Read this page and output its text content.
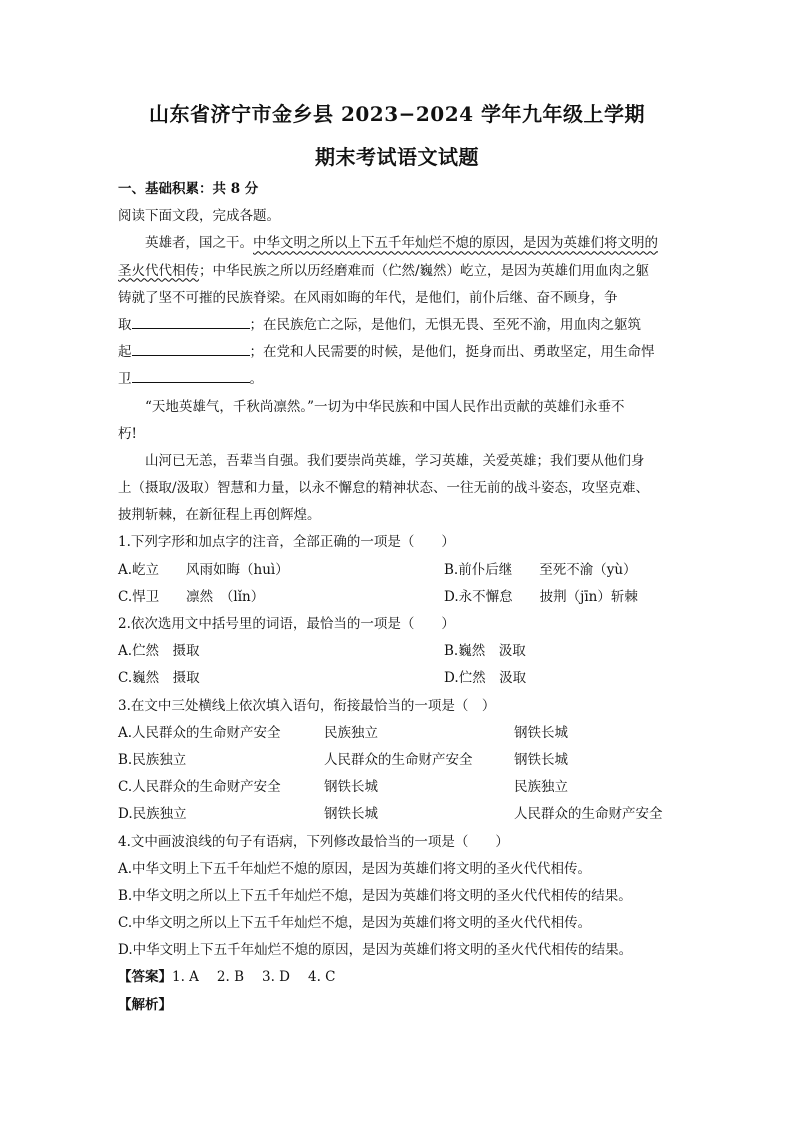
山东省济宁市金乡县 2023−2024 学年九年级上学期
期末考试语文试题
一、基础积累：共 8 分
阅读下面文段，完成各题。
英雄者，国之干。中华文明之所以上下五千年灿烂不熄的原因，是因为英雄们将文明的
圣火代代相传；中华民族之所以历经磨难而（伫然/巍然）屹立，是因为英雄们用血肉之躯
铸就了坚不可摧的民族脊梁。在风雨如晦的年代，是他们，前仆后继、奋不顾身，争
取	；在民族危亡之际，是他们，无惧无畏、至死不渝，用血肉之躯筑
起	；在党和人民需要的时候，是他们，挺身而出、勇敢坚定，用生命悍
卫	。
“天地英雄气，千秋尚凛然。”一切为中华民族和中国人民作出贡献的英雄们永垂不
朽!
山河已无恙，吾辈当自强。我们要崇尚英雄，学习英雄，关爱英雄；我们要从他们身
上（摄取/汲取）智慧和力量，以永不懈怠的精神状态、一往无前的战斗姿态，攻坚克难、
披荆斩棘，在新征程上再创辉煌。
1.下列字形和加点字的注音，全部正确的一项是（　　）
A.屹立　　风雨如晦（huì）	B.前仆后继　　至死不渝（yù）
C.悍卫　　凛然　（lǐn）	D.永不懈怠　　披荆（jīn）斩棘
2.依次选用文中括号里的词语，最恰当的一项是（　　）
A.伫然　摄取	B.巍然　汲取
C.巍然　摄取	D.伫然　汲取
3.在文中三处横线上依次填入语句，衔接最恰当的一项是（　）
A.人民群众的生命财产安全	民族独立	钢铁长城
B.民族独立	人民群众的生命财产安全	钢铁长城
C.人民群众的生命财产安全	钢铁长城	民族独立
D.民族独立	钢铁长城	人民群众的生命财产安全
4.文中画波浪线的句子有语病，下列修改最恰当的一项是（　　）
A.中华文明上下五千年灿烂不熄的原因，是因为英雄们将文明的圣火代代相传。
B.中华文明之所以上下五千年灿烂不熄，是因为英雄们将文明的圣火代代相传的结果。
C.中华文明之所以上下五千年灿烂不熄，是因为英雄们将文明的圣火代代相传。
D.中华文明上下五千年灿烂不熄的原因，是因为英雄们将文明的圣火代代相传的结果。
【答案】1. A 2. B 3. D 4. C
【解析】
